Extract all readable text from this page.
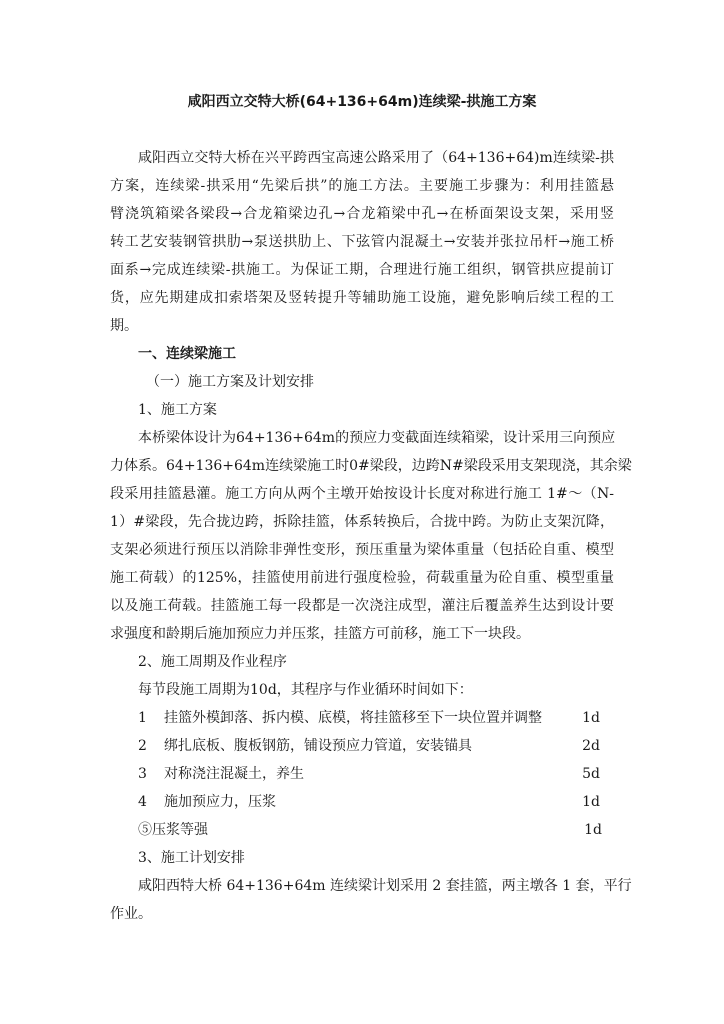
咸阳西立交特大桥(64+136+64m)连续梁-拱施工方案
咸阳西立交特大桥在兴平跨西宝高速公路采用了（64+136+64)m连续梁-拱
方案，连续梁-拱采用“先梁后拱”的施工方法。主要施工步骤为：利用挂篮悬
臂浇筑箱梁各梁段→合龙箱梁边孔→合龙箱梁中孔→在桥面架设支架，采用竖
转工艺安装钢管拱肋→泵送拱肋上、下弦管内混凝土→安装并张拉吊杆→施工桥
面系→完成连续梁-拱施工。为保证工期，合理进行施工组织，钢管拱应提前订
货，应先期建成扣索塔架及竖转提升等辅助施工设施，避免影响后续工程的工
期。
一、连续梁施工
（一）施工方案及计划安排
1、施工方案
本桥梁体设计为64+136+64m的预应力变截面连续箱梁，设计采用三向预应
力体系。64+136+64m连续梁施工时0#梁段，边跨N#梁段采用支架现浇，其余梁
段采用挂篮悬灌。施工方向从两个主墩开始按设计长度对称进行施工 1#～（N-
1）#梁段，先合拢边跨，拆除挂篮，体系转换后，合拢中跨。为防止支架沉降，
支架必须进行预压以消除非弹性变形，预压重量为梁体重量（包括砼自重、模型
施工荷载）的125%，挂篮使用前进行强度检验，荷载重量为砼自重、模型重量
以及施工荷载。挂篮施工每一段都是一次浇注成型，灌注后覆盖养生达到设计要
求强度和龄期后施加预应力并压浆，挂篮方可前移，施工下一块段。
2、施工周期及作业程序
每节段施工周期为10d，其程序与作业循环时间如下：
1 挂篮外模卸落、拆内模、底模，将挂篮移至下一块位置并调整	1d
2 绑扎底板、腹板钢筋，铺设预应力管道，安装锚具	2d
3 对称浇注混凝土，养生	5d
4 施加预应力，压浆	1d
⑤压浆等强	1d
3、施工计划安排
咸阳西特大桥 64+136+64m 连续梁计划采用 2 套挂篮，两主墩各 1 套，平行
作业。
